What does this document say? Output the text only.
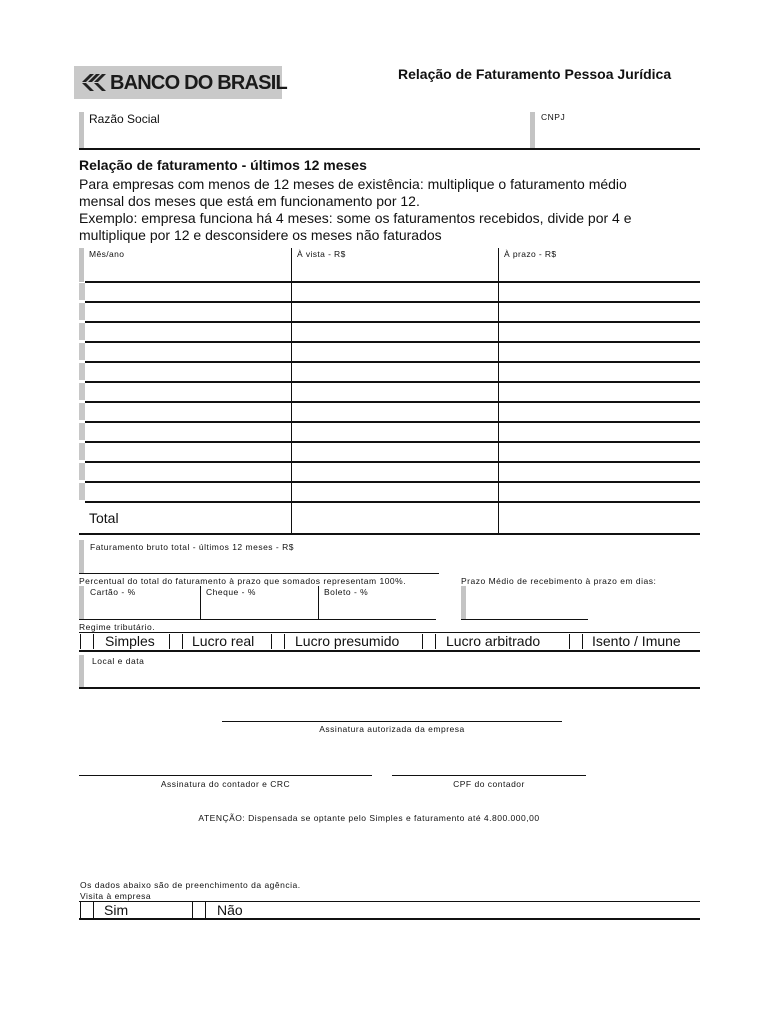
BANCO DO BRASIL	Relação de Faturamento Pessoa Jurídica
Razão Social	CNPJ
Relação de faturamento - últimos 12 meses
Para empresas com menos de 12 meses de existência: multiplique o faturamento médio
mensal dos meses que está em funcionamento por 12.
Exemplo: empresa funciona há 4 meses: some os faturamentos recebidos, divide por 4 e
multiplique por 12 e desconsidere os meses não faturados
Mês/ano	À vista - R$	À prazo - R$
Total
Faturamento bruto total - últimos 12 meses - R$
Percentual do total do faturamento à prazo que somados representam 100%.	Prazo Médio de recebimento à prazo em dias:
Cartão - %	Cheque - %	Boleto - %
Regime tributário.
Simples	Lucro real	Lucro presumido	Lucro arbitrado	Isento / Imune
Local e data
Assinatura autorizada da empresa
Assinatura do contador e CRC	CPF do contador
ATENÇÃO: Dispensada se optante pelo Simples e faturamento até 4.800.000,00
Os dados abaixo são de preenchimento da agência.
Visita à empresa
Sim	Não
